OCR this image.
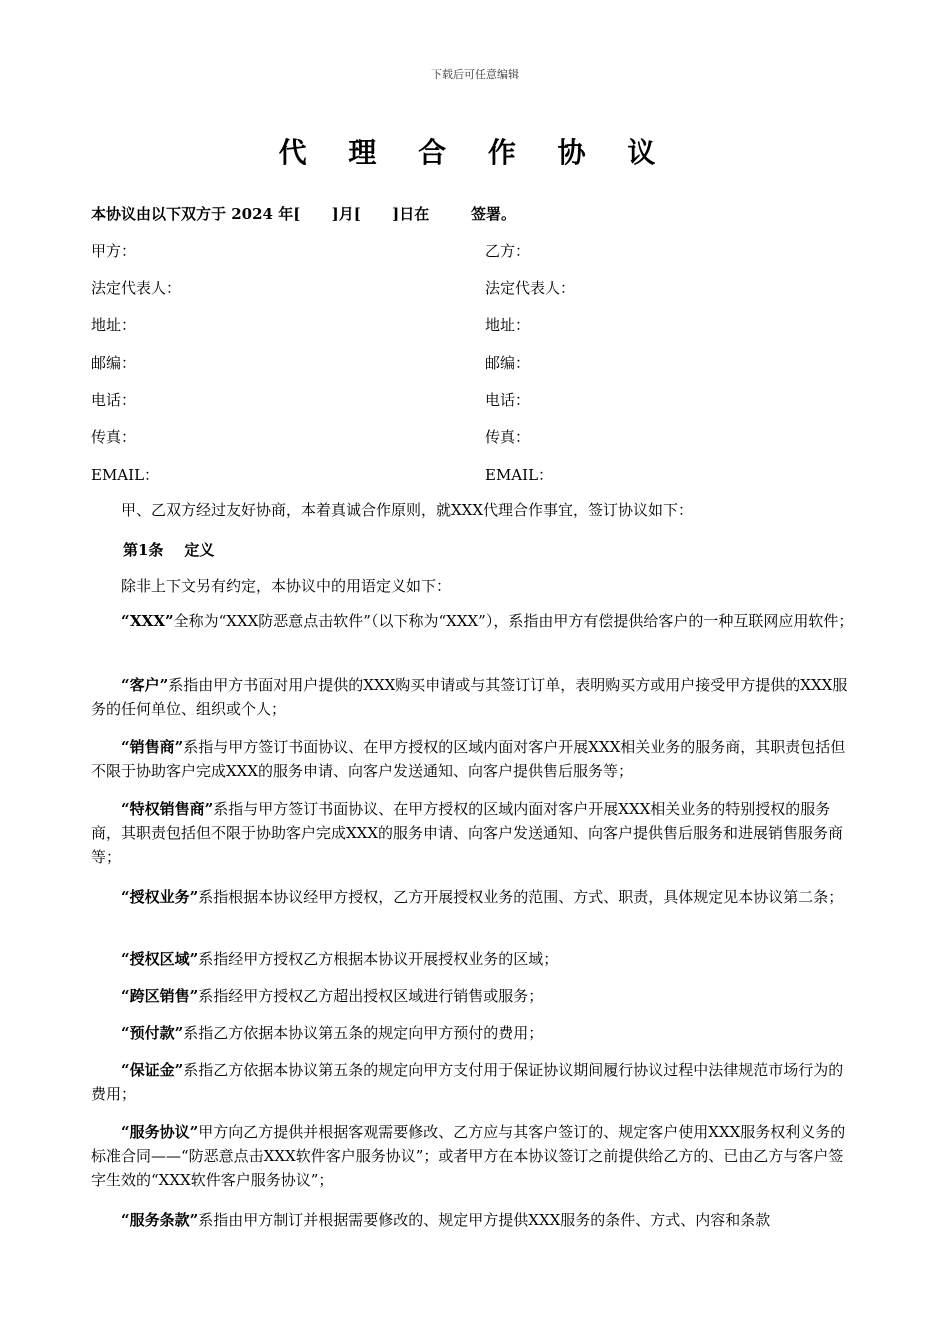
下载后可任意编辑
代 理 合 作 协 议
本协议由以下双方于 2024 年[      ]月[      ]日在        签署。
甲方：	乙方：
法定代表人：	法定代表人：
地址：	地址：
邮编：	邮编：
电话：	电话：
传真：	传真：
EMAIL：	EMAIL：
甲、乙双方经过友好协商，本着真诚合作原则，就XXX代理合作事宜，签订协议如下：
第1条    定义
除非上下文另有约定，本协议中的用语定义如下：
“XXX”全称为“XXX防恶意点击软件”（以下称为“XXX”），系指由甲方有偿提供给客户的一种互联网应用软件；
“客户”系指由甲方书面对用户提供的XXX购买申请或与其签订订单，表明购买方或用户接受甲方提供的XXX服务的任何单位、组织或个人；
“销售商”系指与甲方签订书面协议、在甲方授权的区域内面对客户开展XXX相关业务的服务商，其职责包括但不限于协助客户完成XXX的服务申请、向客户发送通知、向客户提供售后服务等；
“特权销售商”系指与甲方签订书面协议、在甲方授权的区域内面对客户开展XXX相关业务的特别授权的服务商，其职责包括但不限于协助客户完成XXX的服务申请、向客户发送通知、向客户提供售后服务和进展销售服务商等；
“授权业务”系指根据本协议经甲方授权，乙方开展授权业务的范围、方式、职责，具体规定见本协议第二条；
“授权区域”系指经甲方授权乙方根据本协议开展授权业务的区域；
“跨区销售”系指经甲方授权乙方超出授权区域进行销售或服务；
“预付款”系指乙方依据本协议第五条的规定向甲方预付的费用；
“保证金”系指乙方依据本协议第五条的规定向甲方支付用于保证协议期间履行协议过程中法律规范市场行为的费用；
“服务协议”甲方向乙方提供并根据客观需要修改、乙方应与其客户签订的、规定客户使用XXX服务权利义务的标准合同——“防恶意点击XXX软件客户服务协议”；或者甲方在本协议签订之前提供给乙方的、已由乙方与客户签字生效的“XXX软件客户服务协议”；
“服务条款”系指由甲方制订并根据需要修改的、规定甲方提供XXX服务的条件、方式、内容和条款
